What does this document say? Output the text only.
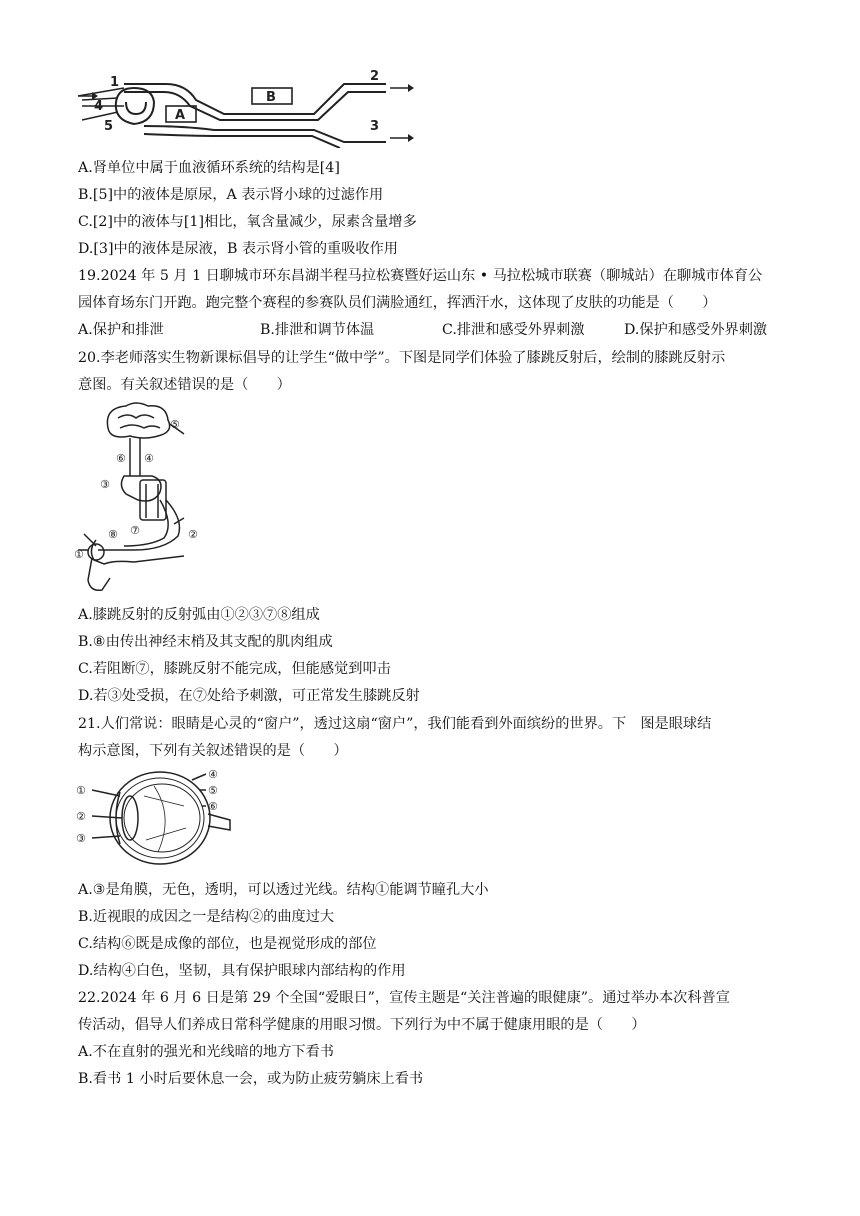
1	2
3
4
5
A
B
A.肾单位中属于血液循环系统的结构是[4]
B.[5]中的液体是原尿，A 表示肾小球的过滤作用
C.[2]中的液体与[1]相比，氧含量减少，尿素含量增多
D.[3]中的液体是尿液，B 表示肾小管的重吸收作用
19.2024 年 5 月 1 日聊城市环东昌湖半程马拉松赛暨好运山东 • 马拉松城市联赛（聊城站）在聊城市体育公
园体育场东门开跑。跑完整个赛程的参赛队员们满脸通红，挥洒汗水，这体现了皮肤的功能是（　　）
A.保护和排泄	B.排泄和调节体温	C.排泄和感受外界刺激	D.保护和感受外界刺激
20.李老师落实生物新课标倡导的让学生“做中学”。下图是同学们体验了膝跳反射后，绘制的膝跳反射示
意图。有关叙述错误的是（　　）
⑤
⑥ ④
③
⑧ ⑦	②
①
A.膝跳反射的反射弧由①②③⑦⑧组成
B.⑧由传出神经末梢及其支配的肌肉组成
C.若阻断⑦，膝跳反射不能完成，但能感觉到叩击
D.若③处受损，在⑦处给予刺激，可正常发生膝跳反射
21.人们常说：眼睛是心灵的“窗户”，透过这扇“窗户”，我们能看到外面缤纷的世界。下　图是眼球结
构示意图，下列有关叙述错误的是（　　）
①
②
③
④
⑤
⑥
A.③是角膜，无色，透明，可以透过光线。结构①能调节瞳孔大小
B.近视眼的成因之一是结构②的曲度过大
C.结构⑥既是成像的部位，也是视觉形成的部位
D.结构④白色，坚韧，具有保护眼球内部结构的作用
22.2024 年 6 月 6 日是第 29 个全国“爱眼日”，宣传主题是“关注普遍的眼健康”。通过举办本次科普宣
传活动，倡导人们养成日常科学健康的用眼习惯。下列行为中不属于健康用眼的是（　　）
A.不在直射的强光和光线暗的地方下看书
B.看书 1 小时后要休息一会，或为防止疲劳躺床上看书
